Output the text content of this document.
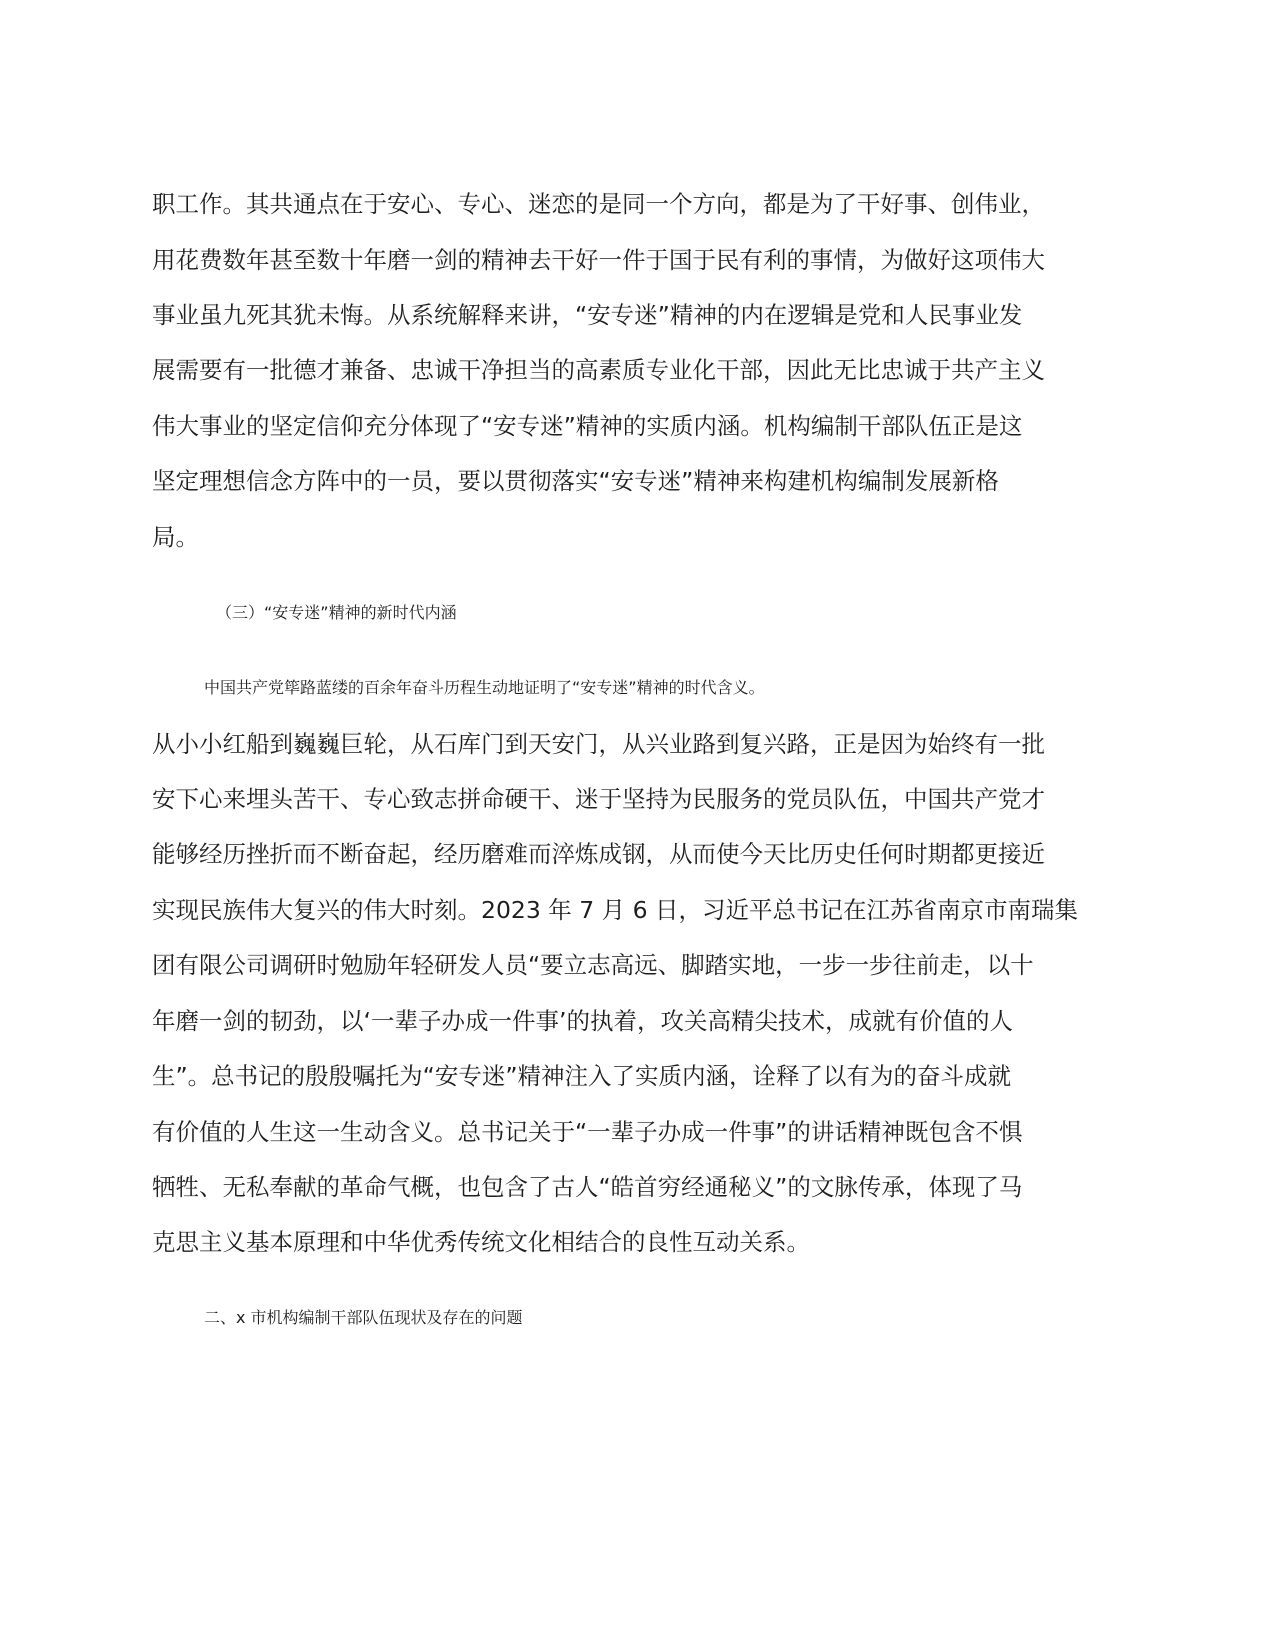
职工作。其共通点在于安心、专心、迷恋的是同一个方向，都是为了干好事、创伟业，
用花费数年甚至数十年磨一剑的精神去干好一件于国于民有利的事情，为做好这项伟大
事业虽九死其犹未悔。从系统解释来讲，“安专迷”精神的内在逻辑是党和人民事业发
展需要有一批德才兼备、忠诚干净担当的高素质专业化干部，因此无比忠诚于共产主义
伟大事业的坚定信仰充分体现了“安专迷”精神的实质内涵。机构编制干部队伍正是这
坚定理想信念方阵中的一员，要以贯彻落实“安专迷”精神来构建机构编制发展新格
局。
（三）“安专迷”精神的新时代内涵
中国共产党筚路蓝缕的百余年奋斗历程生动地证明了“安专迷”精神的时代含义。
从小小红船到巍巍巨轮，从石库门到天安门，从兴业路到复兴路，正是因为始终有一批
安下心来埋头苦干、专心致志拼命硬干、迷于坚持为民服务的党员队伍，中国共产党才
能够经历挫折而不断奋起，经历磨难而淬炼成钢，从而使今天比历史任何时期都更接近
实现民族伟大复兴的伟大时刻。2023 年 7 月 6 日，习近平总书记在江苏省南京市南瑞集
团有限公司调研时勉励年轻研发人员“要立志高远、脚踏实地，一步一步往前走，以十
年磨一剑的韧劲，以‘一辈子办成一件事’的执着，攻关高精尖技术，成就有价值的人
生”。总书记的殷殷嘱托为“安专迷”精神注入了实质内涵，诠释了以有为的奋斗成就
有价值的人生这一生动含义。总书记关于“一辈子办成一件事”的讲话精神既包含不惧
牺牲、无私奉献的革命气概，也包含了古人“皓首穷经通秘义”的文脉传承，体现了马
克思主义基本原理和中华优秀传统文化相结合的良性互动关系。
二、x 市机构编制干部队伍现状及存在的问题
